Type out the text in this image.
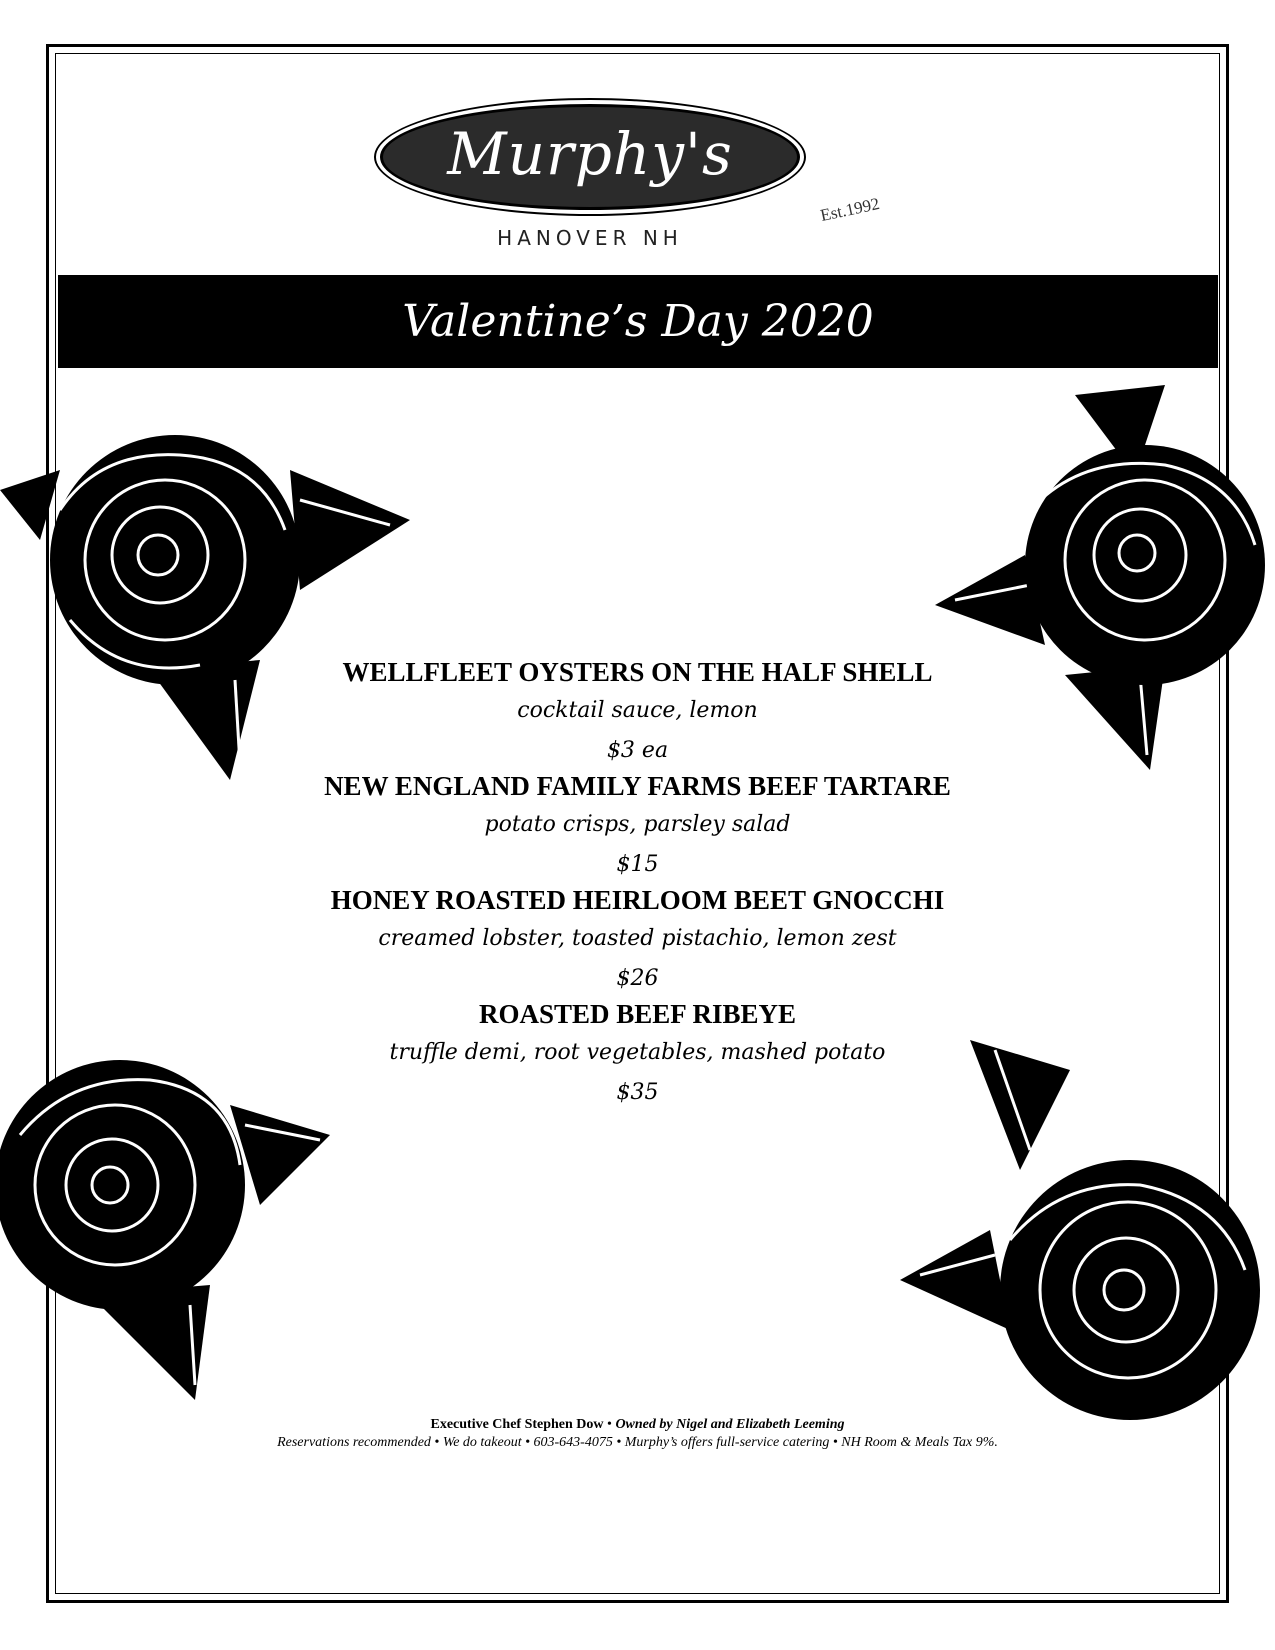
Murphy's
Est.1992
HANOVER NH
Valentine’s Day 2020
WELLFLEET OYSTERS ON THE HALF SHELL
cocktail sauce, lemon
$3 ea
NEW ENGLAND FAMILY FARMS BEEF TARTARE
potato crisps, parsley salad
$15
HONEY ROASTED HEIRLOOM BEET GNOCCHI
creamed lobster, toasted pistachio, lemon zest
$26
ROASTED BEEF RIBEYE
truffle demi, root vegetables, mashed potato
$35
Executive Chef Stephen Dow • Owned by Nigel and Elizabeth Leeming
Reservations recommended • We do takeout • 603-643-4075 • Murphy’s offers full-service catering • NH Room & Meals Tax 9%.
